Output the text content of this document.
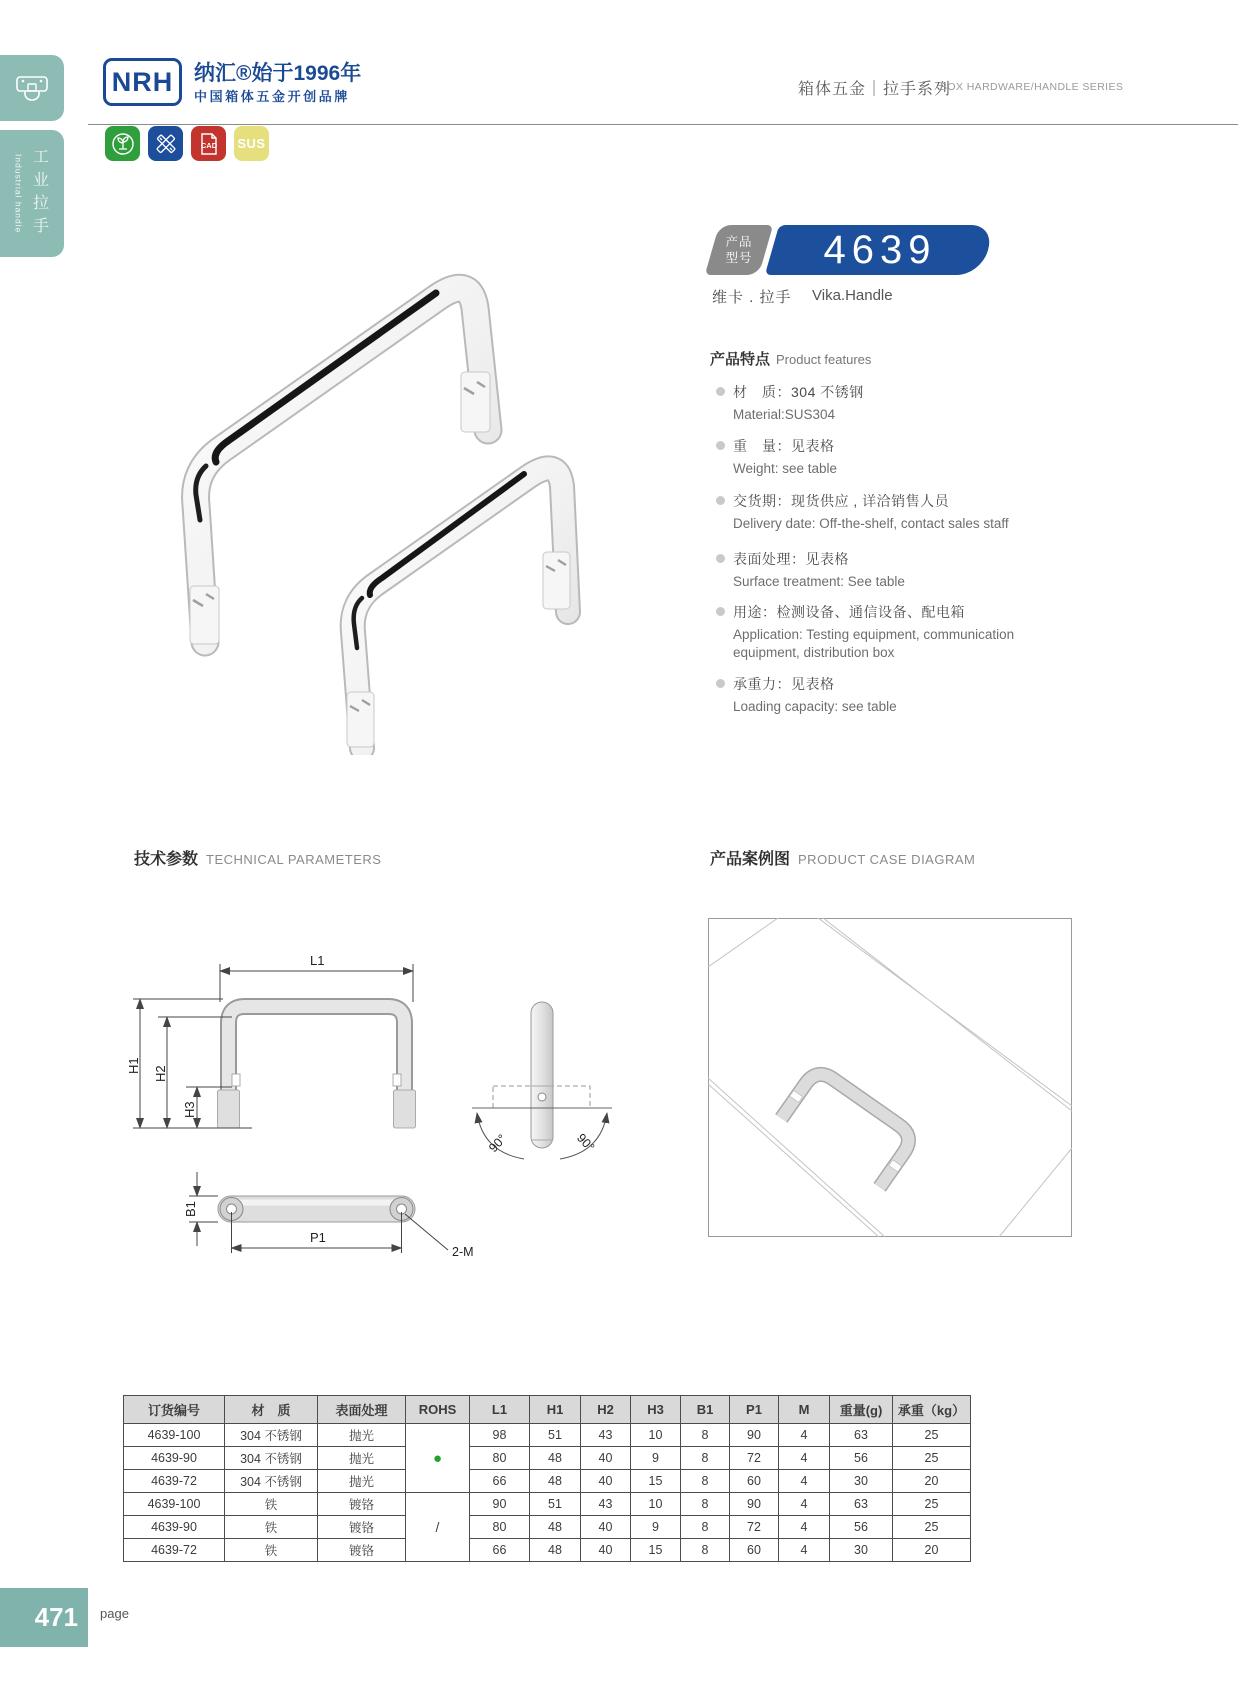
Industrial handle 工业拉手
NRH 纳汇®始于1996年
中国箱体五金开创品牌	箱体五金｜拉手系列
BOX HARDWARE/HANDLE SERIES
CAD SUS
产品
型号	4639
维卡 . 拉手 Vika.Handle
产品特点 Product features
材　质：304 不锈钢
Material:SUS304
重　量：见表格
Weight: see table
交货期：现货供应 , 详洽销售人员
Delivery date: Off-the-shelf, contact sales staff
表面处理：见表格
Surface treatment: See table
用途：检测设备、通信设备、配电箱
Application: Testing equipment, communication equipment, distribution box
承重力：见表格
Loading capacity: see table
技术参数 TECHNICAL PARAMETERS	产品案例图 PRODUCT CASE DIAGRAM
L1
H1 H2
H3
B1
P1
2-M
90°	90°
订货编号	材　质	表面处理	ROHS	L1	H1	H2	H3	B1	P1	M	重量(g)	承重（kg）
4639-100	304 不锈钢	抛光	●	98	51	43	10	8	90	4	63	25
4639-90	304 不锈钢	抛光		80	48	40	9	8	72	4	56	25
4639-72	304 不锈钢	抛光		66	48	40	15	8	60	4	30	20
4639-100	铁	镀铬	/	90	51	43	10	8	90	4	63	25
4639-90	铁	镀铬		80	48	40	9	8	72	4	56	25
4639-72	铁	镀铬		66	48	40	15	8	60	4	30	20
471 page
